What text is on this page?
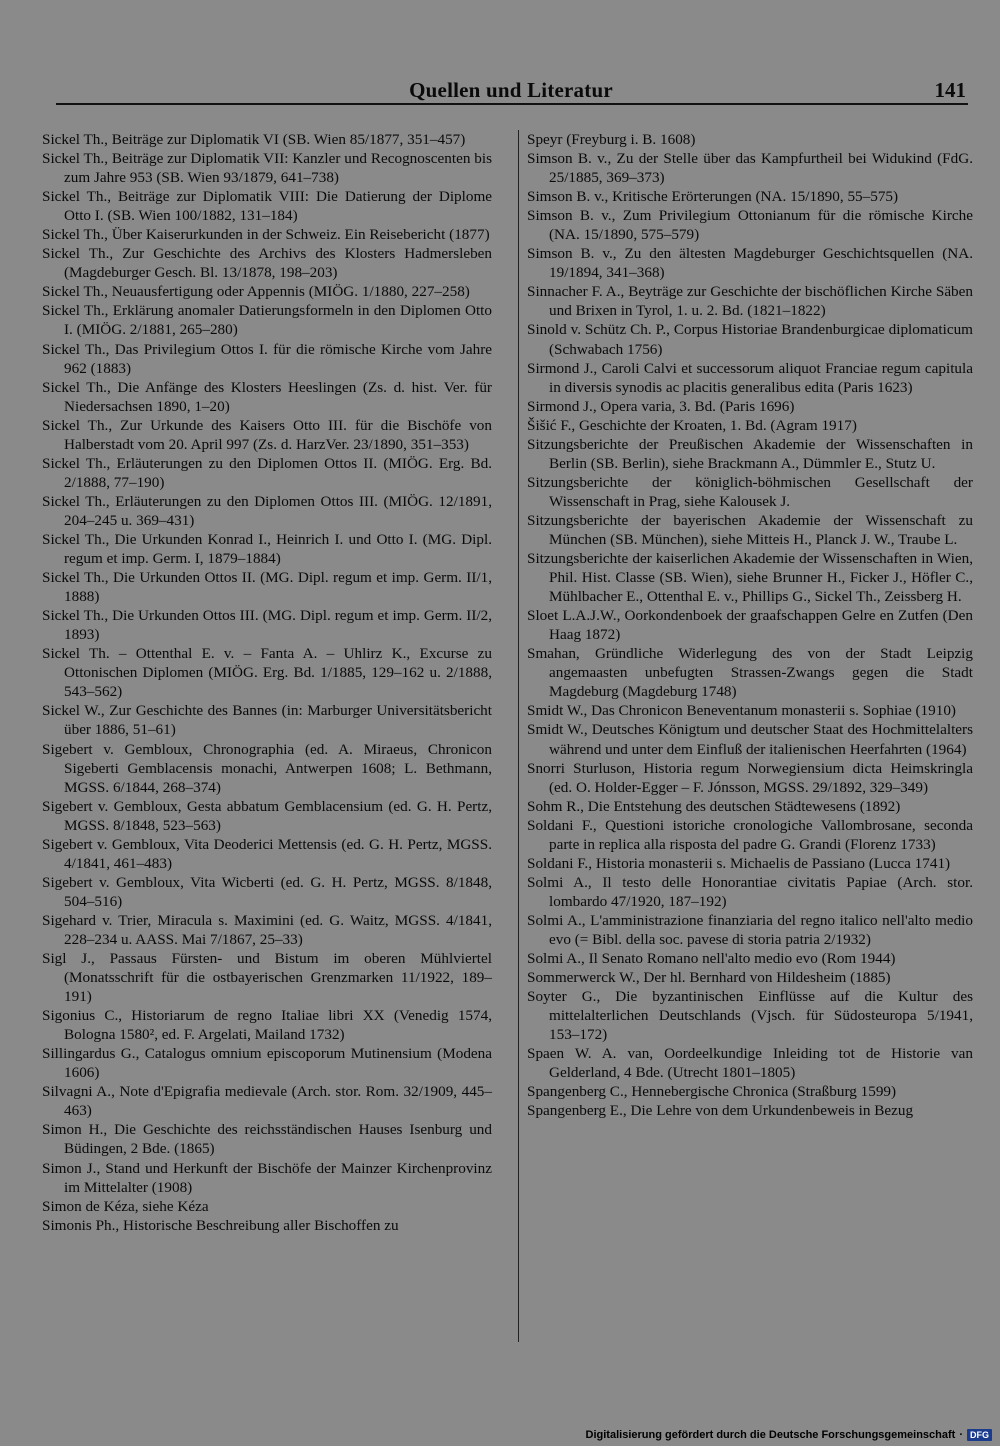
Quellen und Literatur	141

Sickel Th., Beiträge zur Diplomatik VI (SB. Wien 85/1877, 351–457)

Sickel Th., Beiträge zur Diplomatik VII: Kanzler und Recognoscenten bis zum Jahre 953 (SB. Wien 93/1879, 641–738)

Sickel Th., Beiträge zur Diplomatik VIII: Die Datierung der Diplome Otto I. (SB. Wien 100/1882, 131–184)

Sickel Th., Über Kaiserurkunden in der Schweiz. Ein Reisebericht (1877)

Sickel Th., Zur Geschichte des Archivs des Klosters Hadmersleben (Magdeburger Gesch. Bl. 13/1878, 198–203)

Sickel Th., Neuausfertigung oder Appennis (MIÖG. 1/1880, 227–258)

Sickel Th., Erklärung anomaler Datierungsformeln in den Diplomen Otto I. (MIÖG. 2/1881, 265–280)

Sickel Th., Das Privilegium Ottos I. für die römische Kirche vom Jahre 962 (1883)

Sickel Th., Die Anfänge des Klosters Heeslingen (Zs. d. hist. Ver. für Niedersachsen 1890, 1–20)

Sickel Th., Zur Urkunde des Kaisers Otto III. für die Bischöfe von Halberstadt vom 20. April 997 (Zs. d. HarzVer. 23/1890, 351–353)

Sickel Th., Erläuterungen zu den Diplomen Ottos II. (MIÖG. Erg. Bd. 2/1888, 77–190)

Sickel Th., Erläuterungen zu den Diplomen Ottos III. (MIÖG. 12/1891, 204–245 u. 369–431)

Sickel Th., Die Urkunden Konrad I., Heinrich I. und Otto I. (MG. Dipl. regum et imp. Germ. I, 1879–1884)

Sickel Th., Die Urkunden Ottos II. (MG. Dipl. regum et imp. Germ. II/1, 1888)

Sickel Th., Die Urkunden Ottos III. (MG. Dipl. regum et imp. Germ. II/2, 1893)

Sickel Th. – Ottenthal E. v. – Fanta A. – Uhlirz K., Excurse zu Ottonischen Diplomen (MIÖG. Erg. Bd. 1/1885, 129–162 u. 2/1888, 543–562)

Sickel W., Zur Geschichte des Bannes (in: Marburger Universitätsbericht über 1886, 51–61)

Sigebert v. Gembloux, Chronographia (ed. A. Miraeus, Chronicon Sigeberti Gemblacensis monachi, Antwerpen 1608; L. Bethmann, MGSS. 6/1844, 268–374)

Sigebert v. Gembloux, Gesta abbatum Gemblacensium (ed. G. H. Pertz, MGSS. 8/1848, 523–563)

Sigebert v. Gembloux, Vita Deoderici Mettensis (ed. G. H. Pertz, MGSS. 4/1841, 461–483)

Sigebert v. Gembloux, Vita Wicberti (ed. G. H. Pertz, MGSS. 8/1848, 504–516)

Sigehard v. Trier, Miracula s. Maximini (ed. G. Waitz, MGSS. 4/1841, 228–234 u. AASS. Mai 7/1867, 25–33)

Sigl J., Passaus Fürsten- und Bistum im oberen Mühlviertel (Monatsschrift für die ostbayerischen Grenzmarken 11/1922, 189–191)

Sigonius C., Historiarum de regno Italiae libri XX (Venedig 1574, Bologna 1580², ed. F. Argelati, Mailand 1732)

Sillingardus G., Catalogus omnium episcoporum Mutinensium (Modena 1606)

Silvagni A., Note d'Epigrafia medievale (Arch. stor. Rom. 32/1909, 445–463)

Simon H., Die Geschichte des reichsständischen Hauses Isenburg und Büdingen, 2 Bde. (1865)

Simon J., Stand und Herkunft der Bischöfe der Mainzer Kirchenprovinz im Mittelalter (1908)

Simon de Kéza, siehe Kéza

Simonis Ph., Historische Beschreibung aller Bischoffen zu

Speyr (Freyburg i. B. 1608)

Simson B. v., Zu der Stelle über das Kampfurtheil bei Widukind (FdG. 25/1885, 369–373)

Simson B. v., Kritische Erörterungen (NA. 15/1890, 55–575)

Simson B. v., Zum Privilegium Ottonianum für die römische Kirche (NA. 15/1890, 575–579)

Simson B. v., Zu den ältesten Magdeburger Geschichtsquellen (NA. 19/1894, 341–368)

Sinnacher F. A., Beyträge zur Geschichte der bischöflichen Kirche Säben und Brixen in Tyrol, 1. u. 2. Bd. (1821–1822)

Sinold v. Schütz Ch. P., Corpus Historiae Brandenburgicae diplomaticum (Schwabach 1756)

Sirmond J., Caroli Calvi et successorum aliquot Franciae regum capitula in diversis synodis ac placitis generalibus edita (Paris 1623)

Sirmond J., Opera varia, 3. Bd. (Paris 1696)

Šišić F., Geschichte der Kroaten, 1. Bd. (Agram 1917)

Sitzungsberichte der Preußischen Akademie der Wissenschaften in Berlin (SB. Berlin), siehe Brackmann A., Dümmler E., Stutz U.

Sitzungsberichte der königlich-böhmischen Gesellschaft der Wissenschaft in Prag, siehe Kalousek J.

Sitzungsberichte der bayerischen Akademie der Wissenschaft zu München (SB. München), siehe Mitteis H., Planck J. W., Traube L.

Sitzungsberichte der kaiserlichen Akademie der Wissenschaften in Wien, Phil. Hist. Classe (SB. Wien), siehe Brunner H., Ficker J., Höfler C., Mühlbacher E., Ottenthal E. v., Phillips G., Sickel Th., Zeissberg H.

Sloet L.A.J.W., Oorkondenboek der graafschappen Gelre en Zutfen (Den Haag 1872)

Smahan, Gründliche Widerlegung des von der Stadt Leipzig angemaasten unbefugten Strassen-Zwangs gegen die Stadt Magdeburg (Magdeburg 1748)

Smidt W., Das Chronicon Beneventanum monasterii s. Sophiae (1910)

Smidt W., Deutsches Königtum und deutscher Staat des Hochmittelalters während und unter dem Einfluß der italienischen Heerfahrten (1964)

Snorri Sturluson, Historia regum Norwegiensium dicta Heimskringla (ed. O. Holder-Egger – F. Jónsson, MGSS. 29/1892, 329–349)

Sohm R., Die Entstehung des deutschen Städtewesens (1892)

Soldani F., Questioni istoriche cronologiche Vallombrosane, seconda parte in replica alla risposta del padre G. Grandi (Florenz 1733)

Soldani F., Historia monasterii s. Michaelis de Passiano (Lucca 1741)

Solmi A., Il testo delle Honorantiae civitatis Papiae (Arch. stor. lombardo 47/1920, 187–192)

Solmi A., L'amministrazione finanziaria del regno italico nell'alto medio evo (= Bibl. della soc. pavese di storia patria 2/1932)

Solmi A., Il Senato Romano nell'alto medio evo (Rom 1944)

Sommerwerck W., Der hl. Bernhard von Hildesheim (1885)

Soyter G., Die byzantinischen Einflüsse auf die Kultur des mittelalterlichen Deutschlands (Vjsch. für Südosteuropa 5/1941, 153–172)

Spaen W. A. van, Oordeelkundige Inleiding tot de Historie van Gelderland, 4 Bde. (Utrecht 1801–1805)

Spangenberg C., Hennebergische Chronica (Straßburg 1599)

Spangenberg E., Die Lehre von dem Urkundenbeweis in Bezug

Digitalisierung gefördert durch die Deutsche Forschungsgemeinschaft · DFG
